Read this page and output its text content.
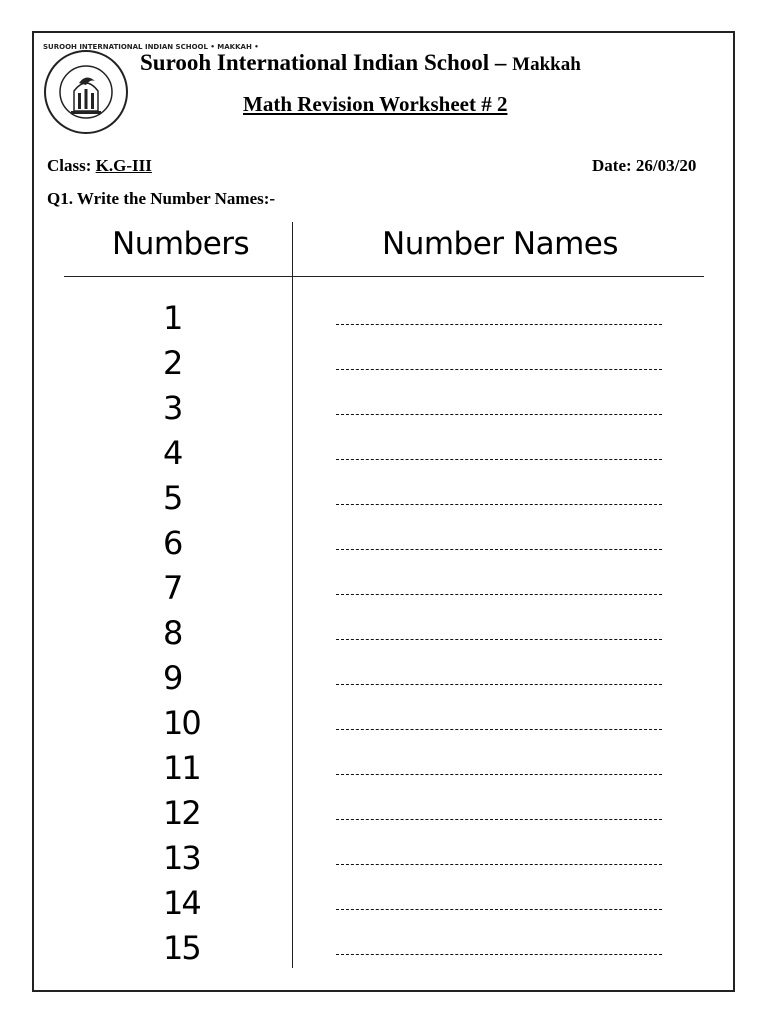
SUROOH INTERNATIONAL INDIAN SCHOOL • MAKKAH •
Surooh International Indian School – Makkah
Math Revision Worksheet # 2
Class: K.G-III	Date: 26/03/20
Q1. Write the Number Names:-
Numbers	Number Names
1
2
3
4
5
6
7
8
9
10
11
12
13
14
15
